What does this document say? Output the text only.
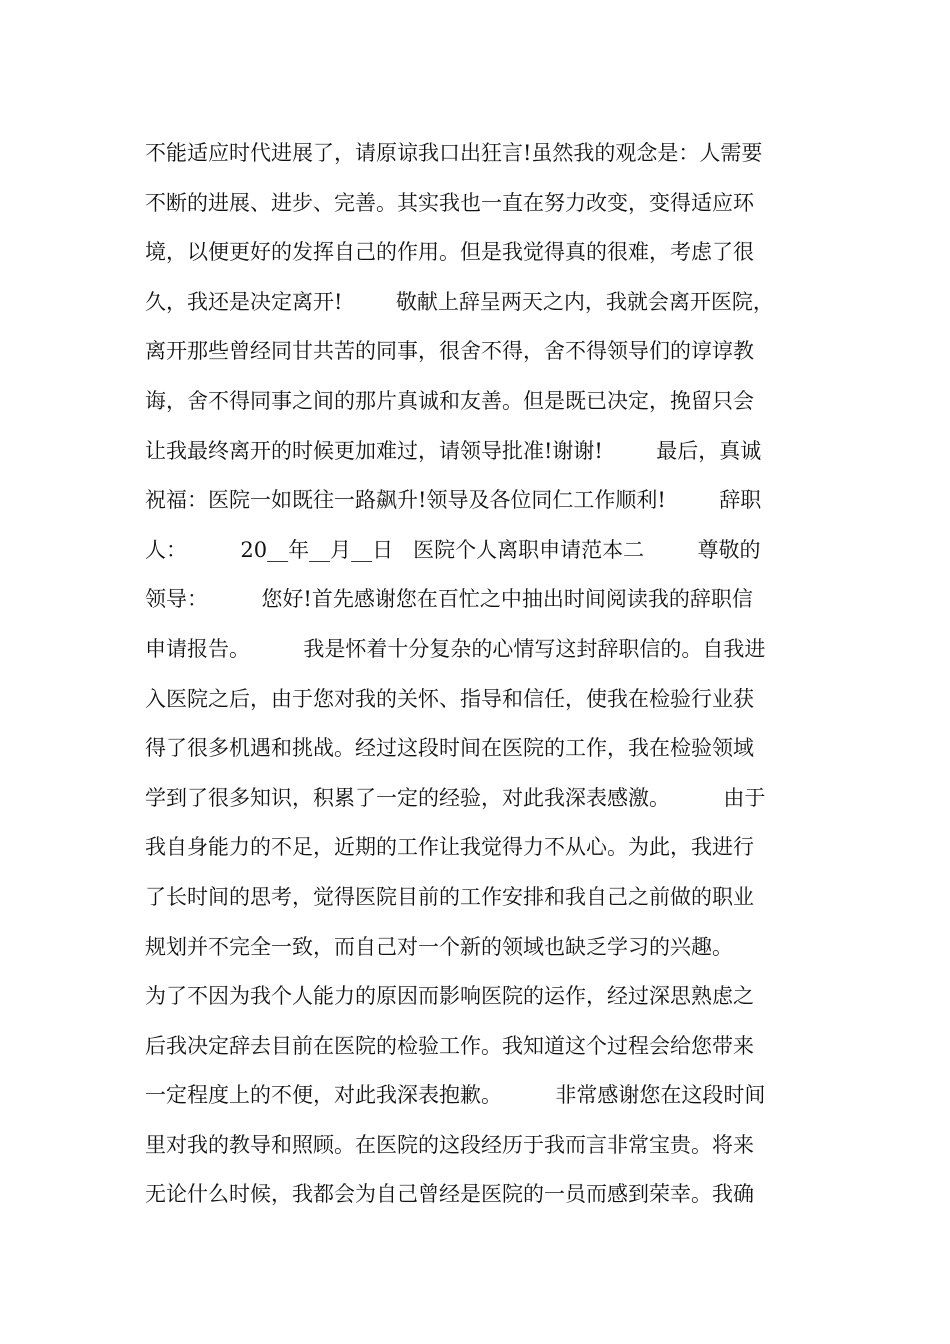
不能适应时代进展了，请原谅我口出狂言!虽然我的观念是：人需要
不断的进展、进步、完善。其实我也一直在努力改变，变得适应环
境，以便更好的发挥自己的作用。但是我觉得真的很难，考虑了很
久，我还是决定离开!        敬献上辞呈两天之内，我就会离开医院，
离开那些曾经同甘共苦的同事，很舍不得，舍不得领导们的谆谆教
诲，舍不得同事之间的那片真诚和友善。但是既已决定，挽留只会
让我最终离开的时候更加难过，请领导批准!谢谢!        最后，真诚
祝福：医院一如既往一路飙升!领导及各位同仁工作顺利!        辞职
人：        20__年__月__日   医院个人离职申请范本二        尊敬的
领导：        您好!首先感谢您在百忙之中抽出时间阅读我的辞职信
申请报告。        我是怀着十分复杂的心情写这封辞职信的。自我进
入医院之后，由于您对我的关怀、指导和信任，使我在检验行业获
得了很多机遇和挑战。经过这段时间在医院的工作，我在检验领域
学到了很多知识，积累了一定的经验，对此我深表感激。        由于
我自身能力的不足，近期的工作让我觉得力不从心。为此，我进行
了长时间的思考，觉得医院目前的工作安排和我自己之前做的职业
规划并不完全一致，而自己对一个新的领域也缺乏学习的兴趣。
为了不因为我个人能力的原因而影响医院的运作，经过深思熟虑之
后我决定辞去目前在医院的检验工作。我知道这个过程会给您带来
一定程度上的不便，对此我深表抱歉。        非常感谢您在这段时间
里对我的教导和照顾。在医院的这段经历于我而言非常宝贵。将来
无论什么时候，我都会为自己曾经是医院的一员而感到荣幸。我确
